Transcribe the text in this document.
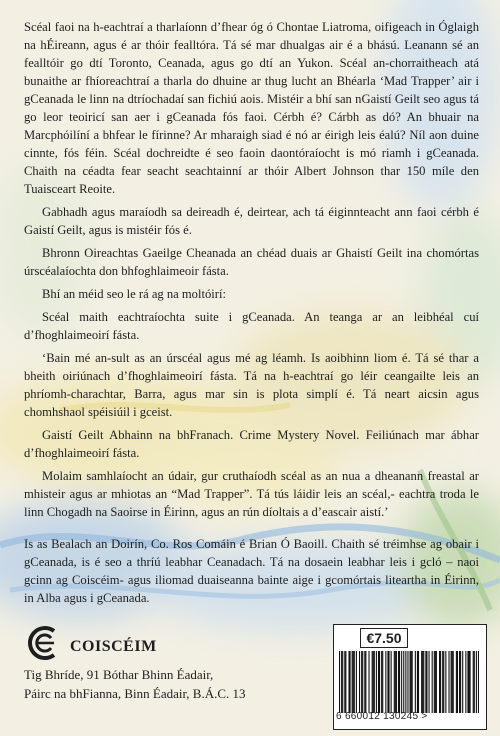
Scéal faoi na h-eachtraí a tharlaíonn d’fhear óg ó Chontae Liatroma, oifigeach in Óglaigh na hÉireann, agus é ar thóir fealltóra. Tá sé mar dhualgas air é a bhású. Leanann sé an fealltóir go dtí Toronto, Ceanada, agus go dtí an Yukon. Scéal an-chorraitheach atá bunaithe ar fhíoreachtraí a tharla do dhuine ar thug lucht an Bhéarla ‘Mad Trapper’ air i gCeanada le linn na dtríochadaí san fichiú aois. Mistéir a bhí san nGaistí Geilt seo agus tá go leor teoiricí san aer i gCeanada fós faoi. Cérbh é? Cárbh as dó? An bhuair na Marcphóilíní a bhfear le fírinne? Ar mharaigh siad é nó ar éirigh leis éalú? Níl aon duine cinnte, fós féin. Scéal dochreidte é seo faoin daontóraíocht is mó riamh i gCeanada. Chaith na céadta fear seacht seachtainní ar thóir Albert Johnson thar 150 míle den Tuaisceart Reoite.

Gabhadh agus maraíodh sa deireadh é, deirtear, ach tá éiginnteacht ann faoi cérbh é Gaistí Geilt, agus is mistéir fós é.

Bhronn Oireachtas Gaeilge Cheanada an chéad duais ar Ghaistí Geilt ina chomórtas úrscéalaíochta don bhfoghlaimeoir fásta.

Bhí an méid seo le rá ag na moltóirí:

Scéal maith eachtraíochta suite i gCeanada. An teanga ar an leibhéal cuí d’fhoghlaimeoirí fásta.

‘Bain mé an-sult as an úrscéal agus mé ag léamh. Is aoibhinn liom é. Tá sé thar a bheith oiriúnach d’fhoghlaimeoirí fásta. Tá na h-eachtraí go léir ceangailte leis an phríomh-charachtar, Barra, agus mar sin is plota simplí é. Tá neart aicsin agus chomhshaol spéisiúil i gceist.

Gaistí Geilt Abhainn na bhFranach. Crime Mystery Novel. Feiliúnach mar ábhar d’fhoghlaimeoirí fásta.

Molaim samhlaíocht an údair, gur cruthaíodh scéal as an nua a dheanann freastal ar mhisteir agus ar mhiotas an “Mad Trapper”. Tá tús láidir leis an scéal,- eachtra troda le linn Chogadh na Saoirse in Éirinn, agus an rún díoltais a d’eascair aistí.’

Is as Bealach an Doirín, Co. Ros Comáin é Brian Ó Baoill. Chaith sé tréimhse ag obair i gCeanada, is é seo a thríú leabhar Ceanadach. Tá na dosaein leabhar leis i gcló – naoi gcinn ag Coiscéim- agus iliomad duaiseanna bainte aige i gcomórtais liteartha in Éirinn, in Alba agus i gCeanada.

COISCÉIM
Tig Bhríde, 91 Bóthar Bhinn Éadair,
Páirc na bhFianna, Binn Éadair, B.Á.C. 13
€7.50
6 660012 130245 >
